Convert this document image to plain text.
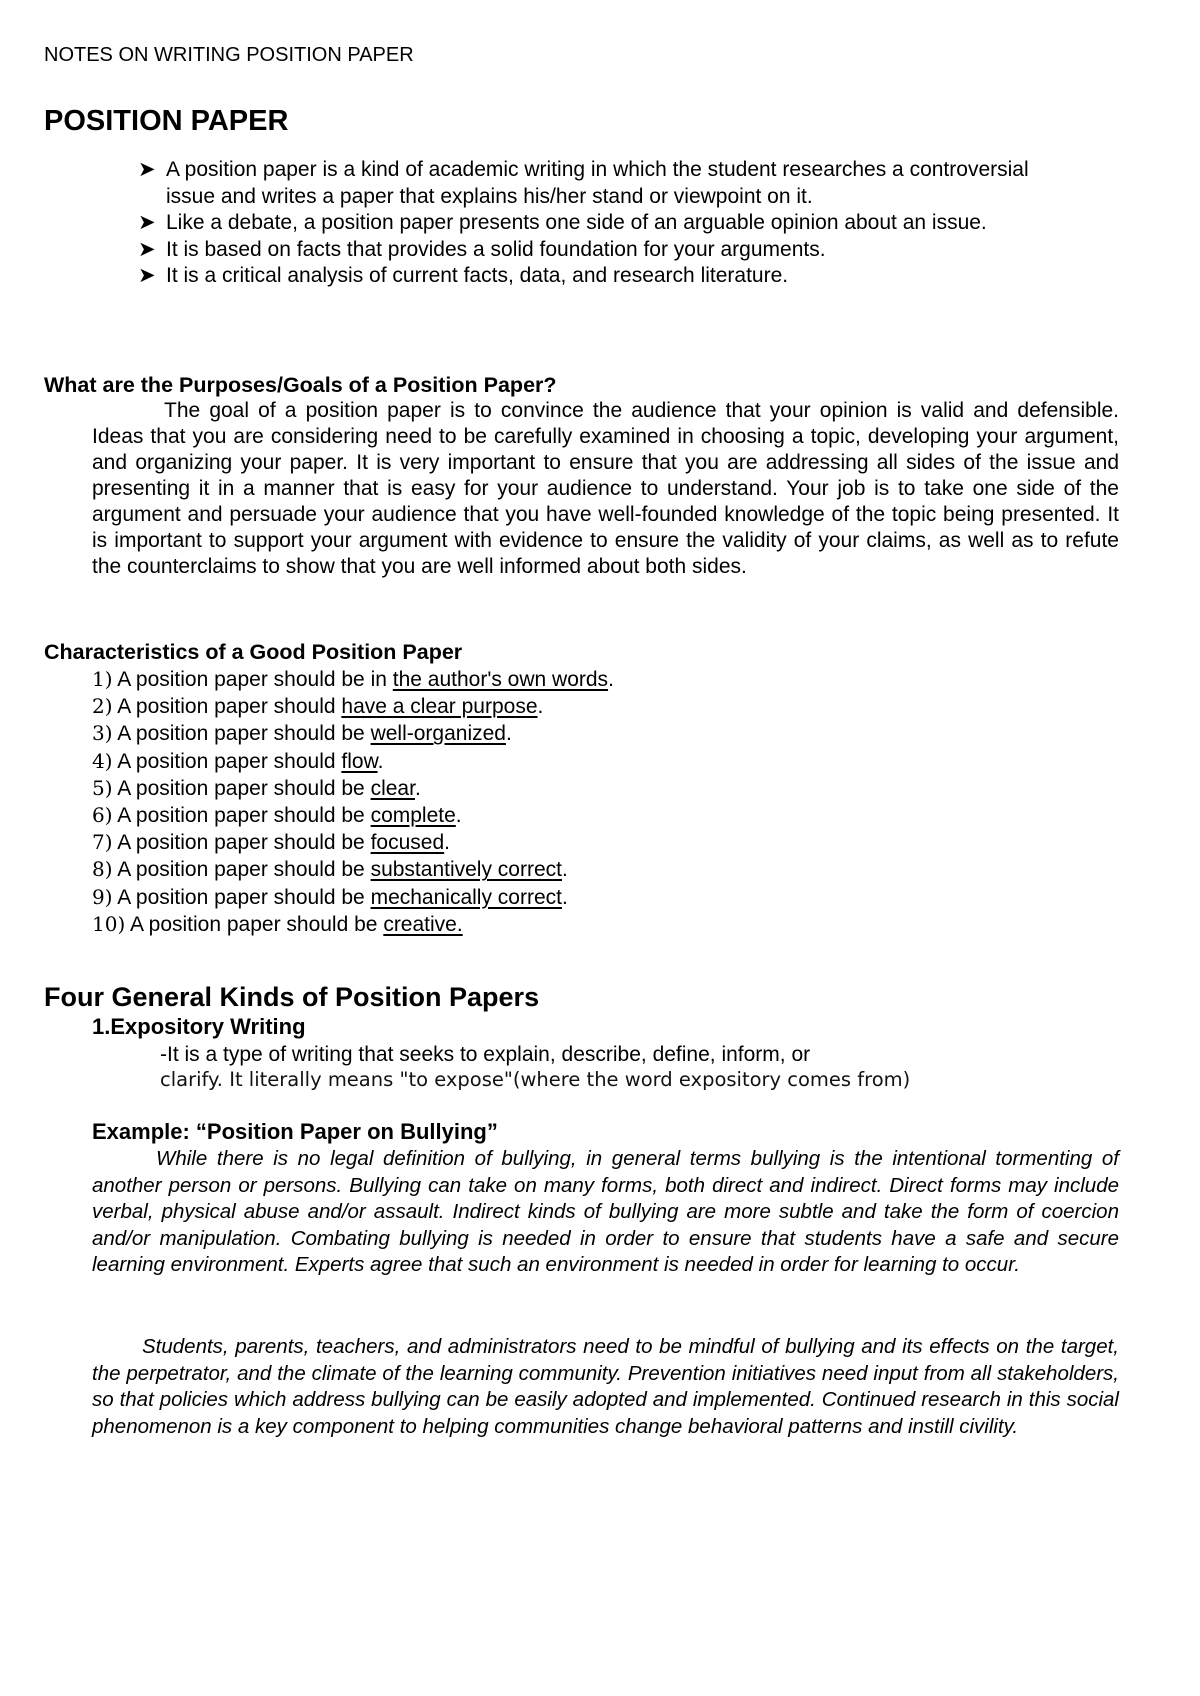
NOTES ON WRITING POSITION PAPER
POSITION PAPER
➤ A position paper is a kind of academic writing in which the student researches a controversial issue and writes a paper that explains his/her stand or viewpoint on it.
➤ Like a debate, a position paper presents one side of an arguable opinion about an issue.
➤ It is based on facts that provides a solid foundation for your arguments.
➤ It is a critical analysis of current facts, data, and research literature.
What are the Purposes/Goals of a Position Paper?
The goal of a position paper is to convince the audience that your opinion is valid and defensible. Ideas that you are considering need to be carefully examined in choosing a topic, developing your argument, and organizing your paper. It is very important to ensure that you are addressing all sides of the issue and presenting it in a manner that is easy for your audience to understand. Your job is to take one side of the argument and persuade your audience that you have well-founded knowledge of the topic being presented. It is important to support your argument with evidence to ensure the validity of your claims, as well as to refute the counterclaims to show that you are well informed about both sides.
Characteristics of a Good Position Paper
1) A position paper should be in the author's own words.
2) A position paper should have a clear purpose.
3) A position paper should be well-organized.
4) A position paper should flow.
5) A position paper should be clear.
6) A position paper should be complete.
7) A position paper should be focused.
8) A position paper should be substantively correct.
9) A position paper should be mechanically correct.
10) A position paper should be creative.
Four General Kinds of Position Papers
1.Expository Writing
-It is a type of writing that seeks to explain, describe, define, inform, or
clarify. It literally means "to expose"(where the word expository comes from)
Example: “Position Paper on Bullying”
While there is no legal definition of bullying, in general terms bullying is the intentional tormenting of another person or persons. Bullying can take on many forms, both direct and indirect. Direct forms may include verbal, physical abuse and/or assault. Indirect kinds of bullying are more subtle and take the form of coercion and/or manipulation. Combating bullying is needed in order to ensure that students have a safe and secure learning environment. Experts agree that such an environment is needed in order for learning to occur.
Students, parents, teachers, and administrators need to be mindful of bullying and its effects on the target, the perpetrator, and the climate of the learning community. Prevention initiatives need input from all stakeholders, so that policies which address bullying can be easily adopted and implemented. Continued research in this social phenomenon is a key component to helping communities change behavioral patterns and instill civility.
